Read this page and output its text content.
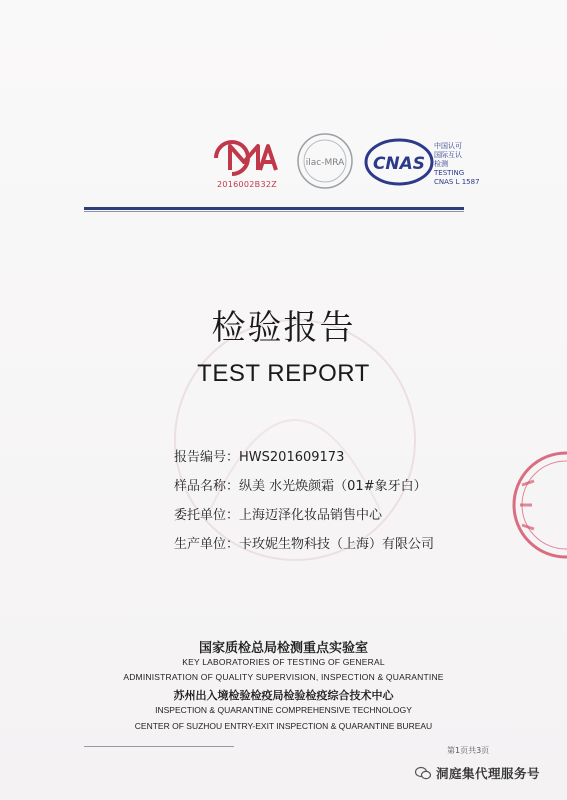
2016002B32Z
ilac-MRA CNAS
中国认可
国际互认
检测
TESTING
CNAS L 1587
检验报告
TEST REPORT
报告编号：HWS201609173
样品名称：纵美 水光焕颜霜（01#象牙白）
委托单位：上海迈泽化妆品销售中心
生产单位：卡玫妮生物科技（上海）有限公司
国家质检总局检测重点实验室
KEY LABORATORIES OF TESTING OF GENERAL
ADMINISTRATION OF QUALITY SUPERVISION, INSPECTION & QUARANTINE
苏州出入境检验检疫局检验检疫综合技术中心
INSPECTION & QUARANTINE COMPREHENSIVE TECHNOLOGY
CENTER OF SUZHOU ENTRY-EXIT INSPECTION & QUARANTINE BUREAU
第1页共3页
洞庭集代理服务号
